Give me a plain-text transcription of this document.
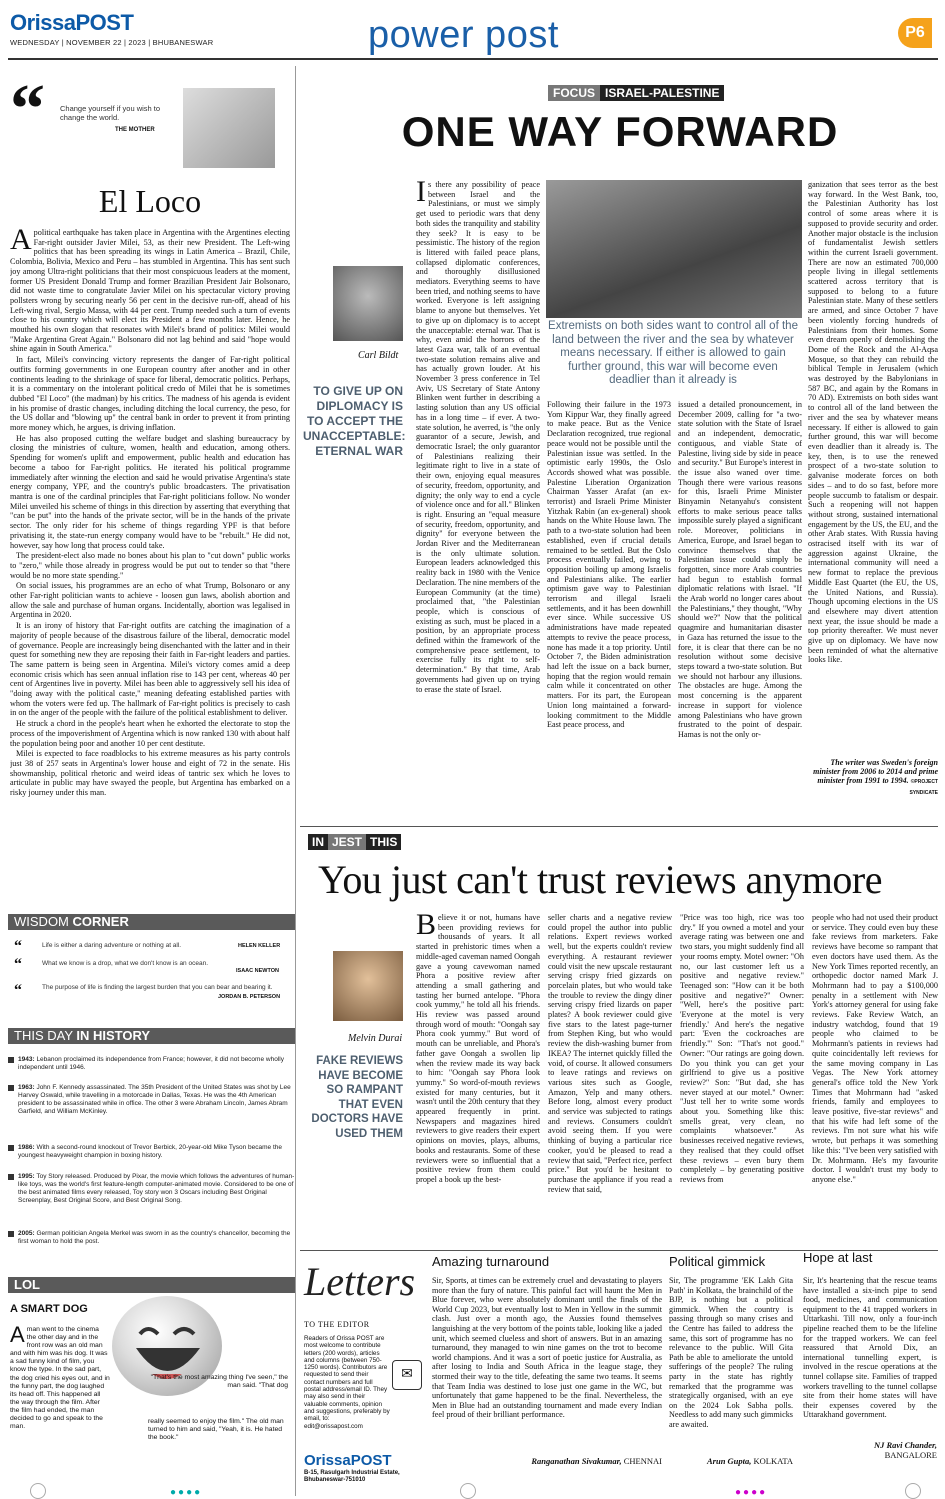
OrissaPOST
WEDNESDAY | NOVEMBER 22 | 2023 | BHUBANESWAR	power post	P6
“ Change yourself if you wish to change the world.
THE MOTHER
El Loco

Apolitical earthquake has taken place in Argentina with the Argentines electing Far-right outsider Javier Milei, 53, as their new President. The Left-wing politics that has been spreading its wings in Latin America – Brazil, Chile, Colombia, Bolivia, Mexico and Peru – has stumbled in Argentina. This has sent such joy among Ultra-right politicians that their most conspicuous leaders at the moment, former US President Donald Trump and former Brazilian President Jair Bolsonaro, did not waste time to congratulate Javier Milei on his spectacular victory proving pollsters wrong by securing nearly 56 per cent in the decisive run-off, ahead of his Left-wing rival, Sergio Massa, with 44 per cent. Trump needed such a turn of events close to his country which will elect its President a few months later. Hence, he mouthed his own slogan that resonates with Milei's brand of politics: Milei would "Make Argentina Great Again." Bolsonaro did not lag behind and said "hope would shine again in South America."

In fact, Milei's convincing victory represents the danger of Far-right political outfits forming governments in one European country after another and in other continents leading to the shrinkage of space for liberal, democratic politics. Perhaps, it is a commentary on the intolerant political credo of Milei that he is sometimes dubbed "El Loco" (the madman) by his critics. The madness of his agenda is evident in his promise of drastic changes, including ditching the local currency, the peso, for the US dollar and "blowing up" the central bank in order to prevent it from printing more money which, he argues, is driving inflation.

He has also proposed cutting the welfare budget and slashing bureaucracy by closing the ministries of culture, women, health and education, among others. Spending for women's uplift and empowerment, public health and education has become a taboo for Far-right politics. He iterated his political programme immediately after winning the election and said he would privatise Argentina's state energy company, YPF, and the country's public broadcasters. The privatisation mantra is one of the cardinal principles that Far-right politicians follow. No wonder Milei unveiled his scheme of things in this direction by asserting that everything that "can be put" into the hands of the private sector, will be in the hands of the private sector. The only rider for his scheme of things regarding YPF is that before privatising it, the state-run energy company would have to be "rebuilt." He did not, however, say how long that process could take.

The president-elect also made no bones about his plan to "cut down" public works to "zero," while those already in progress would be put out to tender so that "there would be no more state spending."

On social issues, his programmes are an echo of what Trump, Bolsonaro or any other Far-right politician wants to achieve - loosen gun laws, abolish abortion and allow the sale and purchase of human organs. Incidentally, abortion was legalised in Argentina in 2020.

It is an irony of history that Far-right outfits are catching the imagination of a majority of people because of the disastrous failure of the liberal, democratic model of governance. People are increasingly being disenchanted with the latter and in their quest for something new they are reposing their faith in Far-right leaders and parties. The same pattern is being seen in Argentina. Milei's victory comes amid a deep economic crisis which has seen annual inflation rise to 143 per cent, whereas 40 per cent of Argentines live in poverty. Milei has been able to aggressively sell his idea of "doing away with the political caste," meaning defeating established parties with whom the voters were fed up. The hallmark of Far-right politics is precisely to cash in on the anger of the people with the failure of the political establishment to deliver.

He struck a chord in the people's heart when he exhorted the electorate to stop the process of the impoverishment of Argentina which is now ranked 130 with about half the population being poor and another 10 per cent destitute.

Milei is expected to face roadblocks to his extreme measures as his party controls just 38 of 257 seats in Argentina's lower house and eight of 72 in the senate. His showmanship, political rhetoric and weird ideas of tantric sex which he loves to articulate in public may have swayed the people, but Argentina has embarked on a risky journey under this man.

WISDOM CORNER
“	Life is either a daring adventure or nothing at all.	HELEN KELLER
“	What we know is a drop, what we don't know is an ocean.
ISAAC NEWTON
“	The purpose of life is finding the largest burden that you can bear and bearing it.
JORDAN B. PETERSON
THIS DAY IN HISTORY
1943: Lebanon proclaimed its independence from France; however, it did not become wholly independent until 1946.
1963: John F. Kennedy assassinated. The 35th President of the United States was shot by Lee Harvey Oswald, while travelling in a motorcade in Dallas, Texas. He was the 4th American president to be assassinated while in office. The other 3 were Abraham Lincoln, James Abram Garfield, and William McKinley.
1986: With a second-round knockout of Trevor Berbick, 20-year-old Mike Tyson became the youngest heavyweight champion in boxing history.
1995: Toy Story released. Produced by Pixar, the movie which follows the adventures of human-like toys, was the world's first feature-length computer-animated movie. Considered to be one of the best animated films every released, Toy story won 3 Oscars including Best Original Screenplay, Best Original Score, and Best Original Song.
2005: German politician Angela Merkel was sworn in as the country's chancellor, becoming the first woman to hold the post.
LOL
A SMART DOG
Aman went to the cinema the other day and in the front row was an old man and with him was his dog. It was a sad funny kind of film, you know the type. In the sad part, the dog cried his eyes out, and in the funny part, the dog laughed its head off. This happened all the way through the film. After the film had ended, the man decided to go and speak to the man.
"That's the most amazing thing I've seen," the man said. "That dog
really seemed to enjoy the film." The old man turned to him and said, "Yeah, it is. He hated the book."
FOCUS ISRAEL-PALESTINE
ONE WAY FORWARD
Carl Bildt
TO GIVE UP ON DIPLOMACY IS TO ACCEPT THE UNACCEPTABLE: ETERNAL WAR
Is there any possibility of peace between Israel and the Palestinians, or must we simply get used to periodic wars that deny both sides the tranquility and stability they seek? It is easy to be pessimistic. The history of the region is littered with failed peace plans, collapsed diplomatic conferences, and thoroughly disillusioned mediators. Everything seems to have been tried, and nothing seems to have worked. Everyone is left assigning blame to anyone but themselves. Yet to give up on diplomacy is to accept the unacceptable: eternal war. That is why, even amid the horrors of the latest Gaza war, talk of an eventual two-state solution remains alive and has actually grown louder. At his November 3 press conference in Tel Aviv, US Secretary of State Antony Blinken went further in describing a lasting solution than any US official has in a long time – if ever. A two-state solution, he averred, is "the only guarantor of a secure, Jewish, and democratic Israel; the only guarantor of Palestinians realizing their legitimate right to live in a state of their own, enjoying equal measures of security, freedom, opportunity, and dignity; the only way to end a cycle of violence once and for all." Blinken is right. Ensuring an "equal measure of security, freedom, opportunity, and dignity" for everyone between the Jordan River and the Mediterranean is the only ultimate solution. European leaders acknowledged this reality back in 1980 with the Venice Declaration. The nine members of the European Community (at the time) proclaimed that, "the Palestinian people, which is conscious of existing as such, must be placed in a position, by an appropriate process defined within the framework of the comprehensive peace settlement, to exercise fully its right to self-determination." By that time, Arab governments had given up on trying to erase the state of Israel.
Extremists on both sides want to control all of the land between the river and the sea by whatever means necessary. If either is allowed to gain further ground, this war will become even deadlier than it already is
Following their failure in the 1973 Yom Kippur War, they finally agreed to make peace. But as the Venice Declaration recognized, true regional peace would not be possible until the Palestinian issue was settled. In the optimistic early 1990s, the Oslo Accords showed what was possible. Palestine Liberation Organization Chairman Yasser Arafat (an ex-terrorist) and Israeli Prime Minister Yitzhak Rabin (an ex-general) shook hands on the White House lawn. The path to a two-state solution had been established, even if crucial details remained to be settled. But the Oslo process eventually failed, owing to opposition boiling up among Israelis and Palestinians alike. The earlier optimism gave way to Palestinian terrorism and illegal Israeli settlements, and it has been downhill ever since. While successive US administrations have made repeated attempts to revive the peace process, none has made it a top priority. Until October 7, the Biden administration had left the issue on a back burner, hoping that the region would remain calm while it concentrated on other matters. For its part, the European Union long maintained a forward-looking commitment to the Middle East peace process, and
issued a detailed pronouncement, in December 2009, calling for "a two-state solution with the State of Israel and an independent, democratic, contiguous, and viable State of Palestine, living side by side in peace and security." But Europe's interest in the issue also waned over time. Though there were various reasons for this, Israeli Prime Minister Binyamin Netanyahu's consistent efforts to make serious peace talks impossible surely played a significant role. Moreover, politicians in America, Europe, and Israel began to convince themselves that the Palestinian issue could simply be forgotten, since more Arab countries had begun to establish formal diplomatic relations with Israel. "If the Arab world no longer cares about the Palestinians," they thought, "Why should we?" Now that the political quagmire and humanitarian disaster in Gaza has returned the issue to the fore, it is clear that there can be no resolution without some decisive steps toward a two-state solution. But we should not harbour any illusions. The obstacles are huge. Among the most concerning is the apparent increase in support for violence among Palestinians who have grown frustrated to the point of despair. Hamas is not the only or-
ganization that sees terror as the best way forward. In the West Bank, too, the Palestinian Authority has lost control of some areas where it is supposed to provide security and order. Another major obstacle is the inclusion of fundamentalist Jewish settlers within the current Israeli government. There are now an estimated 700,000 people living in illegal settlements scattered across territory that is supposed to belong to a future Palestinian state. Many of these settlers are armed, and since October 7 have been violently forcing hundreds of Palestinians from their homes. Some even dream openly of demolishing the Dome of the Rock and the Al-Aqsa Mosque, so that they can rebuild the biblical Temple in Jerusalem (which was destroyed by the Babylonians in 587 BC, and again by the Romans in 70 AD). Extremists on both sides want to control all of the land between the river and the sea by whatever means necessary. If either is allowed to gain further ground, this war will become even deadlier than it already is. The key, then, is to use the renewed prospect of a two-state solution to galvanise moderate forces on both sides – and to do so fast, before more people succumb to fatalism or despair. Such a reopening will not happen without strong, sustained international engagement by the US, the EU, and the other Arab states. With Russia having ostracised itself with its war of aggression against Ukraine, the international community will need a new format to replace the previous Middle East Quartet (the EU, the US, the United Nations, and Russia). Though upcoming elections in the US and elsewhere may divert attention next year, the issue should be made a top priority thereafter. We must never give up on diplomacy. We have now been reminded of what the alternative looks like.
The writer was Sweden's foreign minister from 2006 to 2014 and prime minister from 1991 to 1994. ©PROJECT SYNDICATE
IN JEST THIS
You just can't trust reviews anymore
Melvin Durai
FAKE REVIEWS HAVE BECOME SO RAMPANT THAT EVEN DOCTORS HAVE USED THEM
Believe it or not, humans have been providing reviews for thousands of years. It all started in prehistoric times when a middle-aged caveman named Oongah gave a young cavewoman named Phora a positive review after attending a small gathering and tasting her burned antelope. "Phora cook yummy," he told all his friends. His review was passed around through word of mouth: "Oongah say Phora cook yummy." But word of mouth can be unreliable, and Phora's father gave Oongah a swollen lip when the review made its way back to him: "Oongah say Phora look yummy." So word-of-mouth reviews existed for many centuries, but it wasn't until the 20th century that they appeared frequently in print. Newspapers and magazines hired reviewers to give readers their expert opinions on movies, plays, albums, books and restaurants. Some of these reviewers were so influential that a positive review from them could propel a book up the best-
seller charts and a negative review could propel the author into public relations. Expert reviews worked well, but the experts couldn't review everything. A restaurant reviewer could visit the new upscale restaurant serving crispy fried gizzards on porcelain plates, but who would take the trouble to review the dingy diner serving crispy fried lizards on paper plates? A book reviewer could give five stars to the latest page-turner from Stephen King, but who would review the dish-washing burner from IKEA? The internet quickly filled the void, of course. It allowed consumers to leave ratings and reviews on various sites such as Google, Amazon, Yelp and many others. Before long, almost every product and service was subjected to ratings and reviews. Consumers couldn't avoid seeing them. If you were thinking of buying a particular rice cooker, you'd be pleased to read a review that said, "Perfect rice, perfect price." But you'd be hesitant to purchase the appliance if you read a review that said,
"Price was too high, rice was too dry." If you owned a motel and your average rating was between one and two stars, you might suddenly find all your rooms empty. Motel owner: "Oh no, our last customer left us a positive and negative review." Teenaged son: "How can it be both positive and negative?" Owner: "Well, here's the positive part: 'Everyone at the motel is very friendly.' And here's the negative part: 'Even the cockroaches are friendly.'" Son: "That's not good." Owner: "Our ratings are going down. Do you think you can get your girlfriend to give us a positive review?" Son: "But dad, she has never stayed at our motel." Owner: "Just tell her to write some words about you. Something like this: smells great, very clean, no complaints whatsoever." As businesses received negative reviews, they realised that they could offset these reviews – even bury them completely – by generating positive reviews from
people who had not used their product or service. They could even buy these fake reviews from marketers. Fake reviews have become so rampant that even doctors have used them. As the New York Times reported recently, an orthopedic doctor named Mark J. Mohrmann had to pay a $100,000 penalty in a settlement with New York's attorney general for using fake reviews. Fake Review Watch, an industry watchdog, found that 19 people who claimed to be Mohrmann's patients in reviews had quite coincidentally left reviews for the same moving company in Las Vegas. The New York attorney general's office told the New York Times that Mohrmann had "asked friends, family and employees to leave positive, five-star reviews" and that his wife had left some of the reviews. I'm not sure what his wife wrote, but perhaps it was something like this: "I've been very satisfied with Dr. Mohrmann. He's my favourite doctor. I wouldn't trust my body to anyone else."
Letters
TO THE EDITOR
Readers of Orissa POST are most welcome to contribute letters (200 words), articles and columns (between 750-1250 words). Contributors are requested to send their contact numbers and full postal address/email ID. They may also send in their valuable comments, opinion and suggestions, preferably by email, to: edit@orissapost.com
✉
OrissaPOST
B-15, Rasulgarh Industrial Estate, Bhubaneswar-751010
Amazing turnaround
Sir, Sports, at times can be extremely cruel and devastating to players more than the fury of nature. This painful fact will haunt the Men in Blue forever, who were absolutely dominant until the finals of the World Cup 2023, but eventually lost to Men in Yellow in the summit clash. Just over a month ago, the Aussies found themselves languishing at the very bottom of the points table, looking like a jaded unit, which seemed clueless and short of answers. But in an amazing turnaround, they managed to win nine games on the trot to become world champions. And it was a sort of poetic justice for Australia, as after losing to India and South Africa in the league stage, they stormed their way to the title, defeating the same two teams. It seems that Team India was destined to lose just one game in the WC, but unfortunately that game happened to be the final. Nevertheless, the Men in Blue had an outstanding tournament and made every Indian feel proud of their brilliant performance.
Ranganathan Sivakumar, CHENNAI
Political gimmick
Sir, The programme 'EK Lakh Gita Path' in Kolkata, the brainchild of the BJP, is nothing but a political gimmick. When the country is passing through so many crises and the Centre has failed to address the same, this sort of programme has no relevance to the public. Will Gita Path be able to ameliorate the untold sufferings of the people? The ruling party in the state has rightly remarked that the programme was strategically organised, with an eye on the 2024 Lok Sabha polls. Needless to add many such gimmicks are awaited.
Arun Gupta, KOLKATA
Hope at last
Sir, It's heartening that the rescue teams have installed a six-inch pipe to send food, medicines, and communication equipment to the 41 trapped workers in Uttarkashi. Till now, only a four-inch pipeline reached them to be the lifeline for the trapped workers. We can feel reassured that Arnold Dix, an international tunnelling expert, is involved in the rescue operations at the tunnel collapse site. Families of trapped workers travelling to the tunnel collapse site from their home states will have their expenses covered by the Uttarakhand government.
NJ Ravi Chander,
BANGALORE
●●●●	●●●●
